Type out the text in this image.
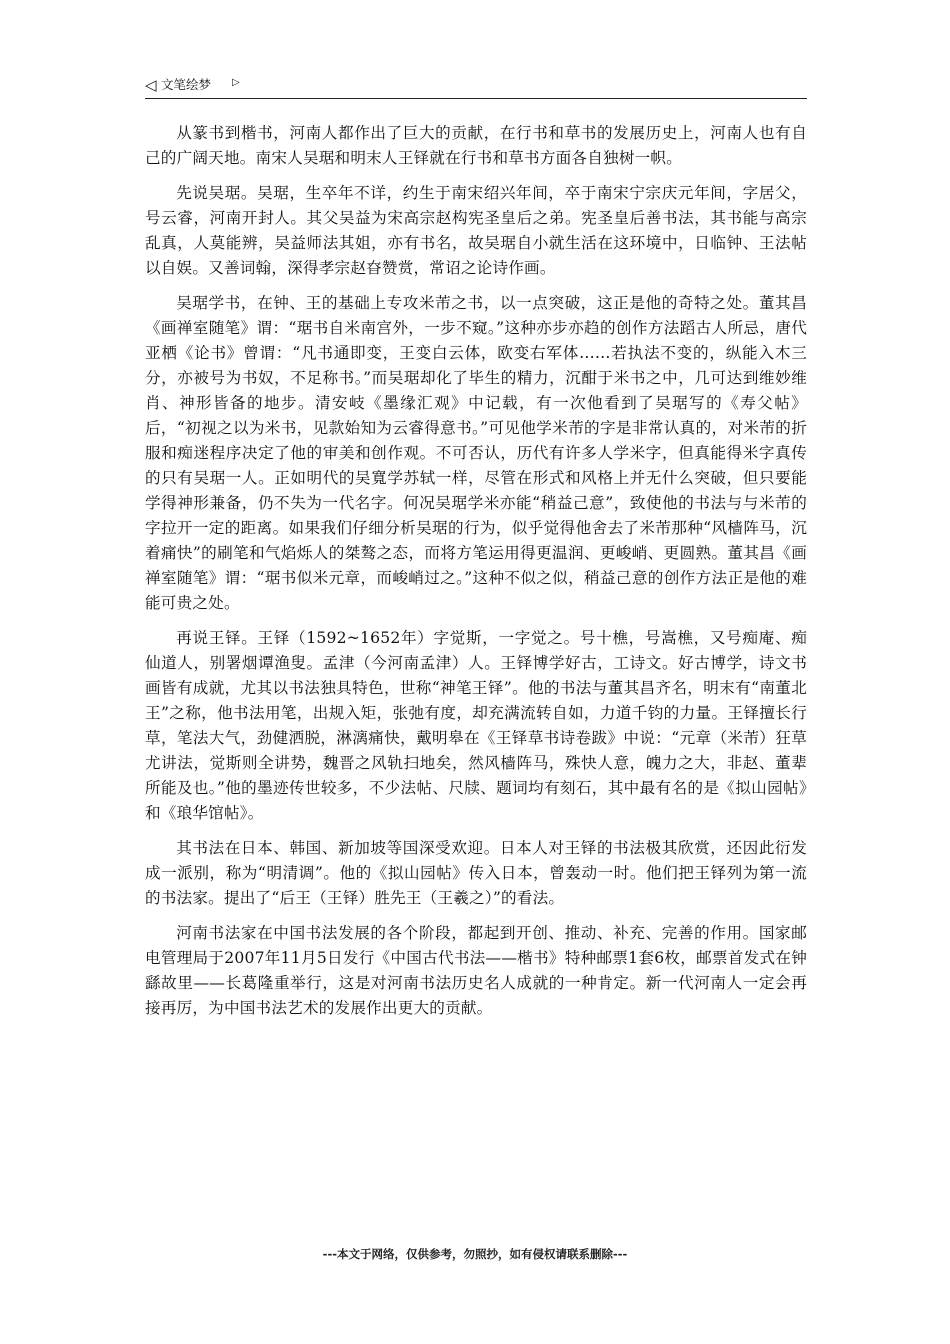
◁ 文笔绘梦 ▷

从篆书到楷书，河南人都作出了巨大的贡献，在行书和草书的发展历史上，河南人也有自己的广阔天地。南宋人吴琚和明末人王铎就在行书和草书方面各自独树一帜。

先说吴琚。吴琚，生卒年不详，约生于南宋绍兴年间，卒于南宋宁宗庆元年间，字居父，号云睿，河南开封人。其父吴益为宋高宗赵构宪圣皇后之弟。宪圣皇后善书法，其书能与高宗乱真，人莫能辨，吴益师法其姐，亦有书名，故吴琚自小就生活在这环境中，日临钟、王法帖以自娱。又善词翰，深得孝宗赵昚赞赏，常诏之论诗作画。

吴琚学书，在钟、王的基础上专攻米芾之书，以一点突破，这正是他的奇特之处。董其昌《画禅室随笔》谓：“琚书自米南宫外，一步不窥。”这种亦步亦趋的创作方法蹈古人所忌，唐代亚栖《论书》曾谓：“凡书通即变，王变白云体，欧变右军体……若执法不变的，纵能入木三分，亦被号为书奴，不足称书。”而吴琚却化了毕生的精力，沉酣于米书之中，几可达到维妙维肖、神形皆备的地步。清安岐《墨缘汇观》中记载，有一次他看到了吴琚写的《寿父帖》后，“初视之以为米书，见款始知为云睿得意书。”可见他学米芾的字是非常认真的，对米芾的折服和痴迷程序决定了他的审美和创作观。不可否认，历代有许多人学米字，但真能得米字真传的只有吴琚一人。正如明代的吴寬学苏轼一样，尽管在形式和风格上并无什么突破，但只要能学得神形兼备，仍不失为一代名字。何况吴琚学米亦能“稍益己意”，致使他的书法与与米芾的字拉开一定的距离。如果我们仔细分析吴琚的行为，似乎觉得他舍去了米芾那种“风樯阵马，沉着痛快”的刷笔和气焰烁人的桀骜之态，而将方笔运用得更温润、更峻峭、更圆熟。董其昌《画禅室随笔》谓：“琚书似米元章，而峻峭过之。”这种不似之似，稍益己意的创作方法正是他的难能可贵之处。

再说王铎。王铎（1592~1652年）字觉斯，一字觉之。号十樵，号嵩樵，又号痴庵、痴仙道人，别署烟谭渔叟。孟津（今河南孟津）人。王铎博学好古，工诗文。好古博学，诗文书画皆有成就，尤其以书法独具特色，世称“神笔王铎”。他的书法与董其昌齐名，明末有“南董北王”之称，他书法用笔，出规入矩，张弛有度，却充满流转自如，力道千钧的力量。王铎擅长行草，笔法大气，劲健洒脱，淋漓痛快，戴明皋在《王铎草书诗卷跋》中说：“元章（米芾）狂草尤讲法，觉斯则全讲势，魏晋之风轨扫地矣，然风樯阵马，殊快人意，魄力之大，非赵、董辈所能及也。”他的墨迹传世较多，不少法帖、尺牍、题词均有刻石，其中最有名的是《拟山园帖》和《琅华馆帖》。

其书法在日本、韩国、新加坡等国深受欢迎。日本人对王铎的书法极其欣赏，还因此衍发成一派别，称为“明清调”。他的《拟山园帖》传入日本，曾轰动一时。他们把王铎列为第一流的书法家。提出了“后王（王铎）胜先王（王羲之）”的看法。

河南书法家在中国书法发展的各个阶段，都起到开创、推动、补充、完善的作用。国家邮电管理局于2007年11月5日发行《中国古代书法——楷书》特种邮票1套6枚，邮票首发式在钟繇故里——长葛隆重举行，这是对河南书法历史名人成就的一种肯定。新一代河南人一定会再接再厉，为中国书法艺术的发展作出更大的贡献。

---本文于网络，仅供参考，勿照抄，如有侵权请联系删除---
